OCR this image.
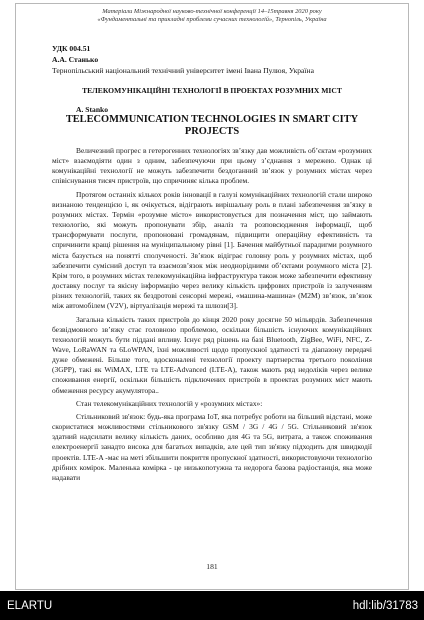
Матеріали Міжнародної науково-технічної конференції 14–15травня 2020 року
«Фундаментальні та прикладні проблеми сучасних технологій», Тернопіль, Україна
УДК 004.51
А.А. Станько
Тернопільський національний технічний університет імені Івана Пулюя, Україна
ТЕЛЕКОМУНІКАЦІЙНІ ТЕХНОЛОГІЇ В ПРОЕКТАХ РОЗУМНИХ МІСТ
A. Stanko
TELECOMMUNICATION TECHNOLOGIES IN SMART CITY PROJECTS

Величезний прогрес в гетерогенних технологіях зв’язку дав можливість об’єктам «розумних міст» взаємодіяти один з одним, забезпечуючи при цьому з’єднання з мережею. Однак ці комунікаційні технології не можуть забезпечити бездоганний зв’язок у розумних містах через співіснування тисяч пристроїв, що спричиняє кількa проблем.

Протягом останніх кількох років інновації в галузі комунікаційних технологій стали широко визнаною тенденцією і, як очікується, відіграють вирішальну роль в плані забезпечення зв’язку в розумних містах. Термін «розумне місто» використовується для позначення міст, що займають технологію, які можуть пропонувати збір, аналіз та розповсюдження інформації, щоб трансформувати послуги, пропоновані громадянам, підвищити операційну ефективність та спричинити кращі рішення на муніципальному рівні [1]. Бачення майбутньої парадигми розумного міста базується на понятті сполученості. Зв’язок відіграє головну роль у розумних містах, щоб забезпечити сумісний доступ та взаємозв’язок між неоднорідними об’єктами розумного міста [2]. Крім того, в розумних містах телекомунікаційна інфраструктура також може забезпечити ефективну доставку послуг та якісну інформацію через велику кількість цифрових пристроїв із залученням різних технологій, таких як бездротові сенсорні мережі, «машина-машина» (M2M) зв’язок, зв’язок між автомобілем (V2V), віртуалізація мережі та шлюзи[3].

Загальна кількість таких пристроїв до кінця 2020 року досягне 50 мільярдів. Забезпечення безвідмовного зв’язку стає головною проблемою, оскільки більшість існуючих комунікаційних технологій можуть бути піддані впливу. Існує ряд рішень на базі Bluetooth, ZigBee, WiFi, NFC, Z-Wave, LoRaWAN та 6LoWPAN, їхні можливості щодо пропускної здатності та діапазону передачі дуже обмежені. Більше того, вдосконалені технології проекту партнерства третього покоління (3GPP), такі як WiMAX, LTE та LTE-Advanced (LTE-A), також мають ряд недоліків через велике споживання енергії, оскільки більшість підключених пристроїв в проектах розумних міст мають обмеження ресурсу акумулятора..

Стан телекомунікаційних технологій у «розумних містах»:

Стільниковий зв'язок: будь-яка програма IoT, яка потребує роботи на більший відстані, може скористатися можливостями стільникового зв'язку GSM / 3G / 4G / 5G. Стільниковий зв'язок здатний надсилати велику кількість даних, особливо для 4G та 5G, витрата, а також споживання електроенергії занадто висока для багатьох випадків, але цей тип зв'язку підходить для швидкодії проектів. LTE-A -має на меті збільшити покриття пропускної здатності, використовуючи технологію дрібних комірок. Маленька комірка - це низькопотужна та недорога базова радіостанція, яка може надавати

181
ELARTU	hdl:lib/31783
